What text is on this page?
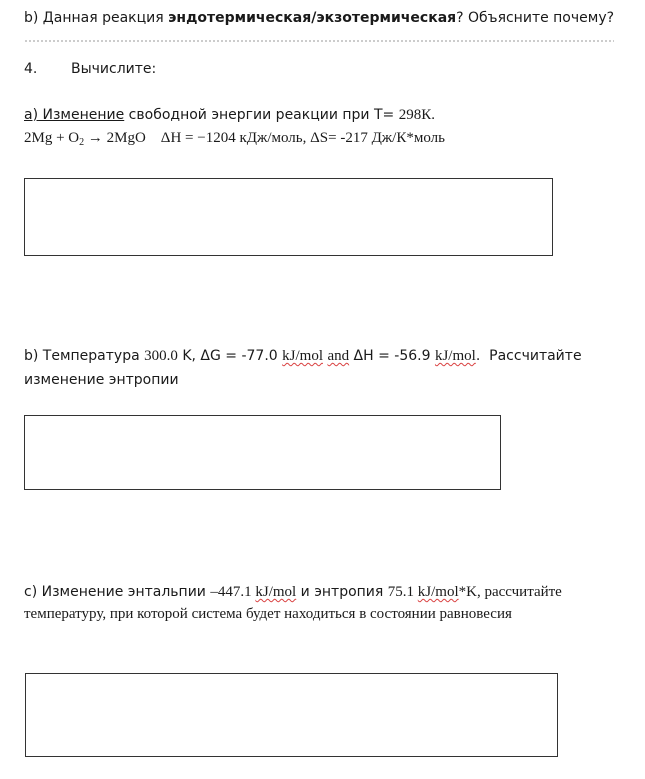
b) Данная реакция эндотермическая/экзотермическая? Объясните почему?
4. Вычислите:
a) Изменение свободной энергии реакции при Т= 298К.
$2Mg + O_2 \to 2MgO$    ΔH = −1204 кДж/моль, ΔS= -217 Дж/К*моль
b) Температура 300.0 K, ΔG = -77.0 kJ/mol and ΔH = -56.9 kJ/mol.  Рассчитайте
изменение энтропии
c) Изменение энтальпии –447.1 kJ/mol и энтропия 75.1 kJ/mol*K, рассчитайте
температуру, при которой система будет находиться в состоянии равновесия
